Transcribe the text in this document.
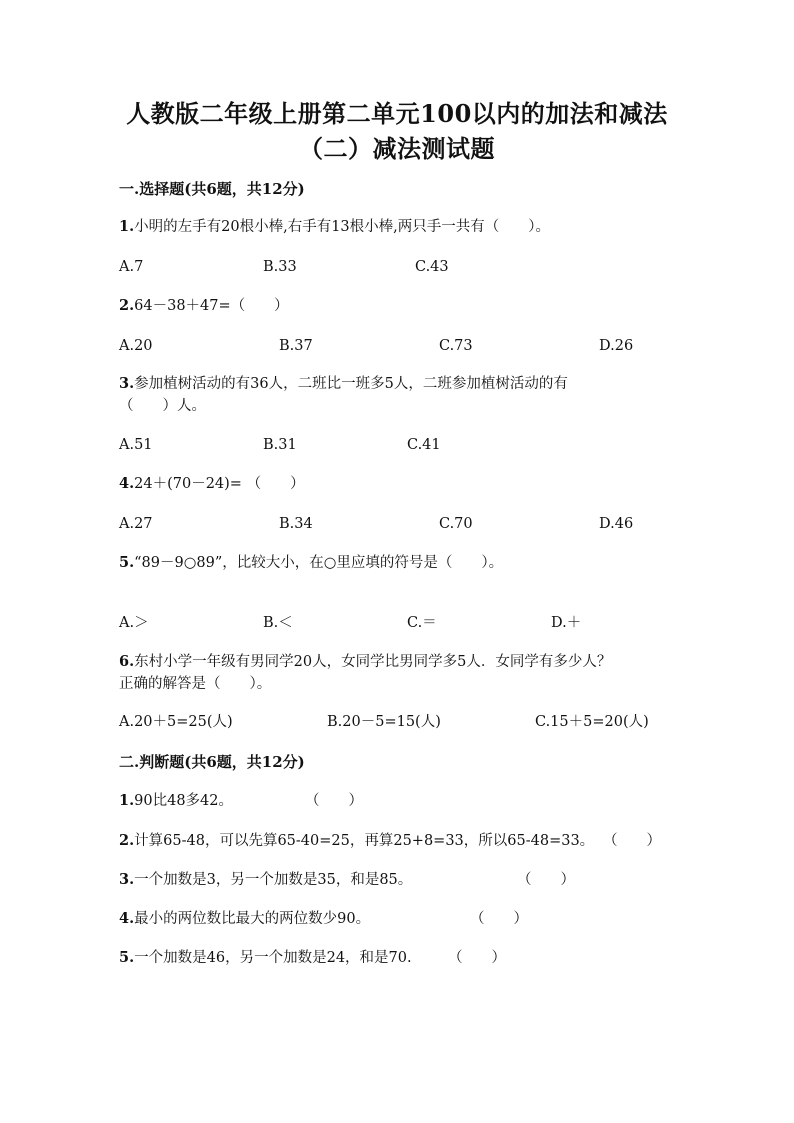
人教版二年级上册第二单元100以内的加法和减法
（二）减法测试题
一.选择题(共6题，共12分)
1.小明的左手有20根小棒,右手有13根小棒,两只手一共有（　　）。
A.7	B.33	C.43
2.64－38＋47=（　　）
A.20	B.37	C.73	D.26
3.参加植树活动的有36人，二班比一班多5人，二班参加植树活动的有
（　　）人。
A.51	B.31	C.41
4.24＋(70－24)= （　　）
A.27	B.34	C.70	D.46
5.“89－9○89”，比较大小，在○里应填的符号是（　　）。
A.＞	B.＜	C.＝	D.＋
6.东村小学一年级有男同学20人，女同学比男同学多5人．女同学有多少人？
正确的解答是（　　）。
A.20＋5=25(人)	B.20－5=15(人)	C.15＋5=20(人)
二.判断题(共6题，共12分)
1.90比48多42。	（　　）
2.计算65-48，可以先算65-40=25，再算25+8=33，所以65-48=33。 （　　）
3.一个加数是3，另一个加数是35，和是85。	（　　）
4.最小的两位数比最大的两位数少90。	（　　）
5.一个加数是46，另一个加数是24，和是70.	（　　）
